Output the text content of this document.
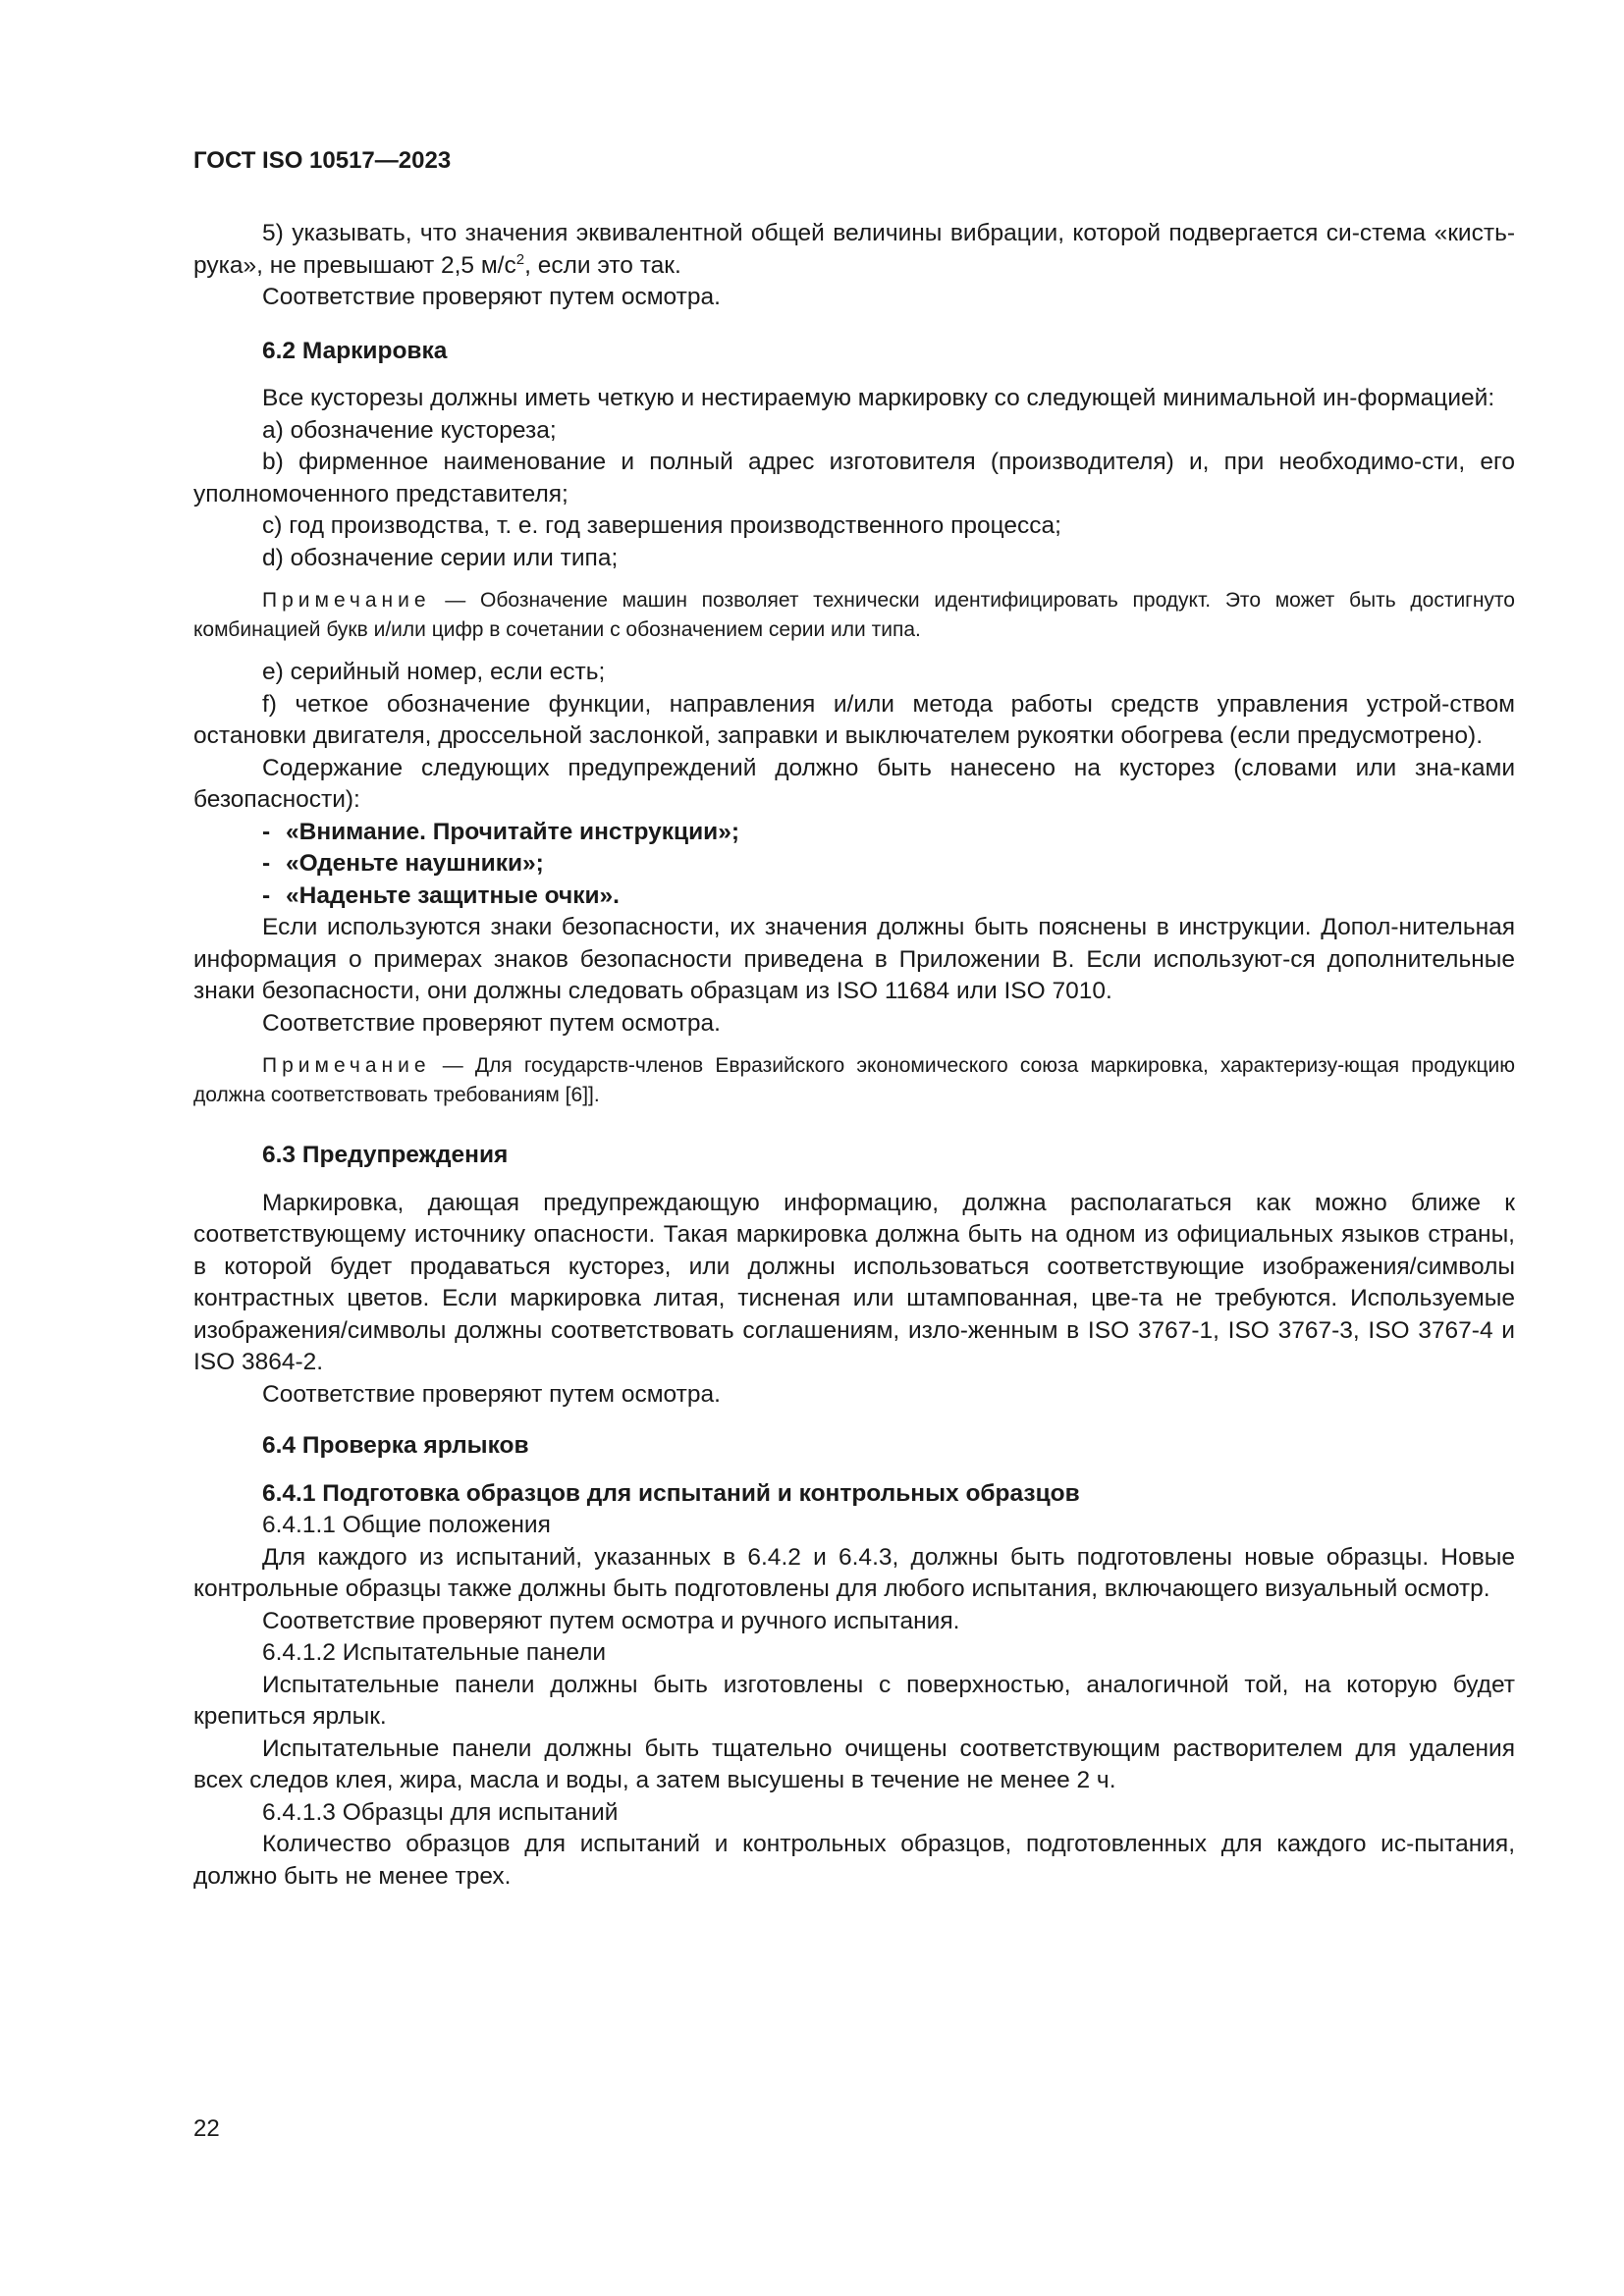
ГОСТ ISO 10517—2023

5) указывать, что значения эквивалентной общей величины вибрации, которой подвергается си-стема «кисть-рука», не превышают 2,5 $м/с^2$, если это так.

Соответствие проверяют путем осмотра.

6.2 Маркировка

Все кусторезы должны иметь четкую и нестираемую маркировку со следующей минимальной ин-формацией:

a) обозначение кустореза;

b) фирменное наименование и полный адрес изготовителя (производителя) и, при необходимо-сти, его уполномоченного представителя;

c) год производства, т. е. год завершения производственного процесса;

d) обозначение серии или типа;

Примечание — Обозначение машин позволяет технически идентифицировать продукт. Это может быть достигнуто комбинацией букв и/или цифр в сочетании с обозначением серии или типа.

e) серийный номер, если есть;

f) четкое обозначение функции, направления и/или метода работы средств управления устрой-ством остановки двигателя, дроссельной заслонкой, заправки и выключателем рукоятки обогрева (если предусмотрено).

Содержание следующих предупреждений должно быть нанесено на кусторез (словами или зна-ками безопасности):

- «Внимание. Прочитайте инструкции»;
- «Оденьте наушники»;
- «Наденьте защитные очки».

Если используются знаки безопасности, их значения должны быть пояснены в инструкции. Допол-нительная информация о примерах знаков безопасности приведена в Приложении В. Если используют-ся дополнительные знаки безопасности, они должны следовать образцам из ISO 11684 или ISO 7010.

Соответствие проверяют путем осмотра.

Примечание — Для государств-членов Евразийского экономического союза маркировка, характеризу-ющая продукцию должна соответствовать требованиям [6]].
6.3 Предупреждения

Маркировка, дающая предупреждающую информацию, должна располагаться как можно ближе к соответствующему источнику опасности. Такая маркировка должна быть на одном из официальных языков страны, в которой будет продаваться кусторез, или должны использоваться соответствующие изображения/символы контрастных цветов. Если маркировка литая, тисненая или штампованная, цве-та не требуются. Используемые изображения/символы должны соответствовать соглашениям, изло-женным в ISO 3767-1, ISO 3767-3, ISO 3767-4 и ISO 3864-2.

Соответствие проверяют путем осмотра.

6.4 Проверка ярлыков
6.4.1 Подготовка образцов для испытаний и контрольных образцов

6.4.1.1 Общие положения

Для каждого из испытаний, указанных в 6.4.2 и 6.4.3, должны быть подготовлены новые образцы. Новые контрольные образцы также должны быть подготовлены для любого испытания, включающего визуальный осмотр.

Соответствие проверяют путем осмотра и ручного испытания.

6.4.1.2 Испытательные панели

Испытательные панели должны быть изготовлены с поверхностью, аналогичной той, на которую будет крепиться ярлык.

Испытательные панели должны быть тщательно очищены соответствующим растворителем для удаления всех следов клея, жира, масла и воды, а затем высушены в течение не менее 2 ч.

6.4.1.3 Образцы для испытаний

Количество образцов для испытаний и контрольных образцов, подготовленных для каждого ис-пытания, должно быть не менее трех.

22
